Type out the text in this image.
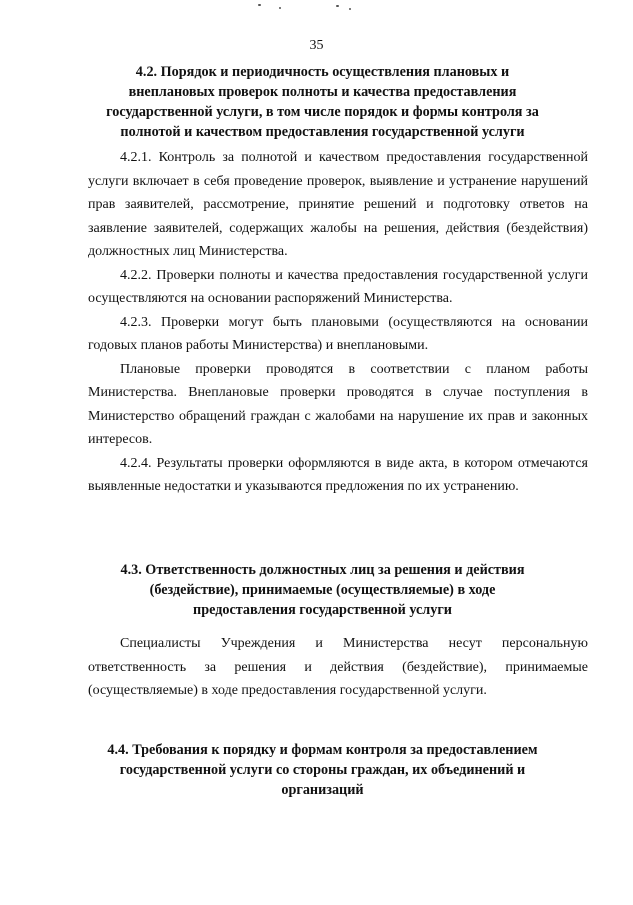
35
4.2. Порядок и периодичность осуществления плановых и внеплановых проверок полноты и качества предоставления государственной услуги, в том числе порядок и формы контроля за полнотой и качеством предоставления государственной услуги

4.2.1. Контроль за полнотой и качеством предоставления государственной услуги включает в себя проведение проверок, выявление и устранение нарушений прав заявителей, рассмотрение, принятие решений и подготовку ответов на заявление заявителей, содержащих жалобы на решения, действия (бездействия) должностных лиц Министерства.

4.2.2. Проверки полноты и качества предоставления государственной услуги осуществляются на основании распоряжений Министерства.

4.2.3. Проверки могут быть плановыми (осуществляются на основании годовых планов работы Министерства) и внеплановыми.

Плановые проверки проводятся в соответствии с планом работы Министерства. Внеплановые проверки проводятся в случае поступления в Министерство обращений граждан с жалобами на нарушение их прав и законных интересов.

4.2.4. Результаты проверки оформляются в виде акта, в котором отмечаются выявленные недостатки и указываются предложения по их устранению.

4.3. Ответственность должностных лиц за решения и действия (бездействие), принимаемые (осуществляемые) в ходе предоставления государственной услуги

Специалисты Учреждения и Министерства несут персональную ответственность за решения и действия (бездействие), принимаемые (осуществляемые) в ходе предоставления государственной услуги.

4.4. Требования к порядку и формам контроля за предоставлением государственной услуги со стороны граждан, их объединений и организаций
